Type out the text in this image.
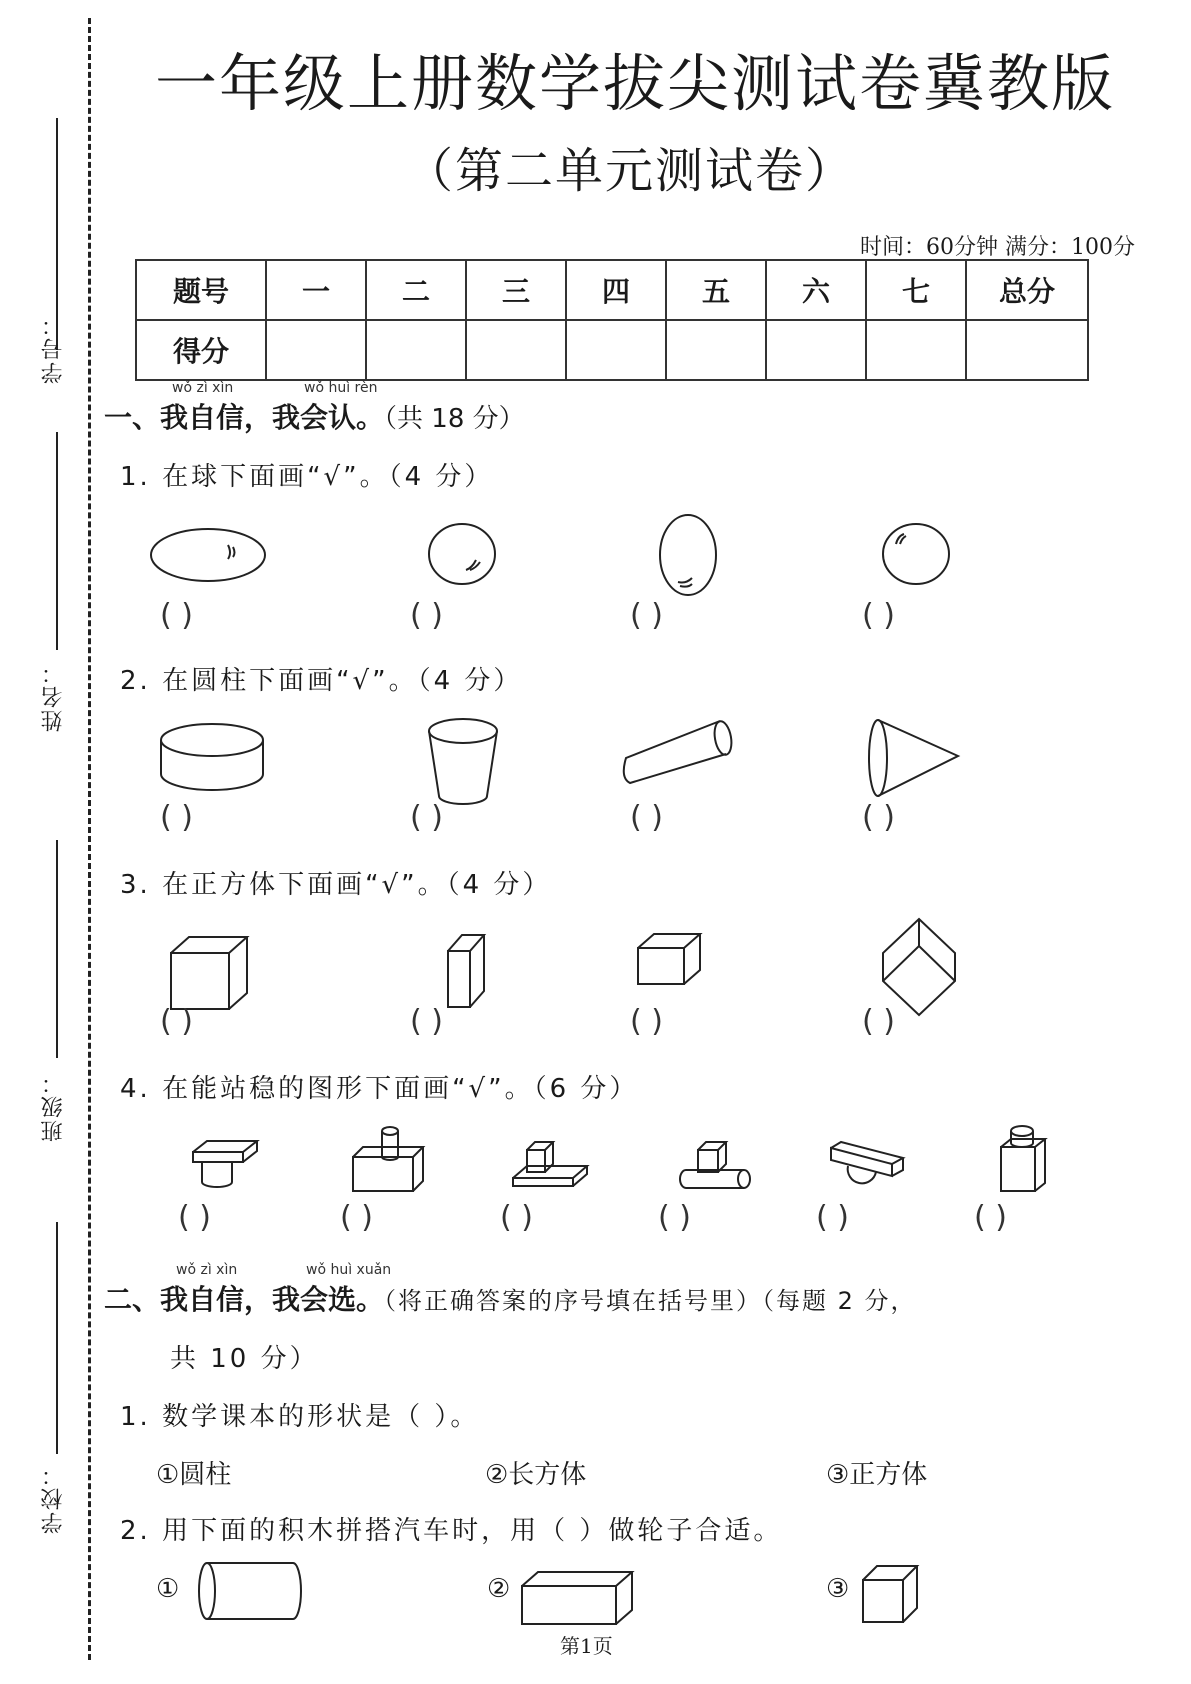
学号：
姓名：
班级：
学校：
一年级上册数学拔尖测试卷冀教版
（第二单元测试卷）
时间：60分钟 满分：100分
题号	一	二	三	四	五	六	七	总分
得分								
wǒ zì xìn	wǒ huì rèn
一、我自信，我会认。（共 18 分）
1. 在球下面画“√”。（4 分）
( )	( )	( )	( )
2. 在圆柱下面画“√”。（4 分）
( )	( )	( )	( )
3. 在正方体下面画“√”。（4 分）
( )	( )	( )	( )
4. 在能站稳的图形下面画“√”。（6 分）
( )	( )	( )	( )	( )	( )
wǒ zì xìn	wǒ huì xuǎn
二、我自信，我会选。（将正确答案的序号填在括号里）（每题 2 分，
共 10 分）
1. 数学课本的形状是（ ）。
①圆柱	②长方体	③正方体
2. 用下面的积木拼搭汽车时，用（ ）做轮子合适。
①	②	③
第1页
